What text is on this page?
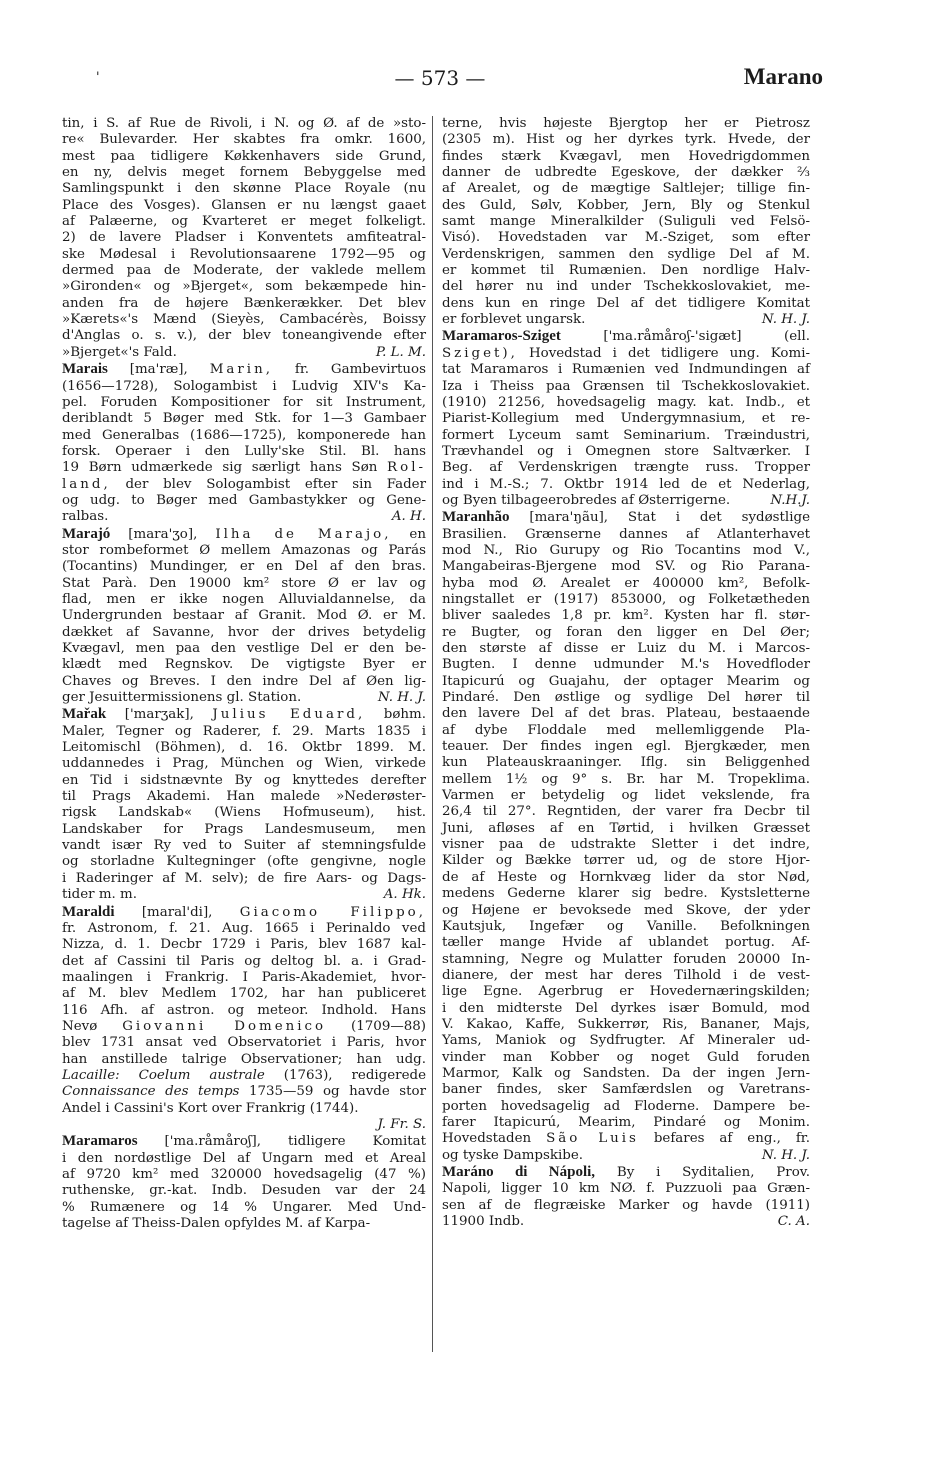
'	— 573 —	Marano
tin, i S. af Rue de Rivoli, i N. og Ø. af de »sto-
re« Bulevarder. Her skabtes fra omkr. 1600,
mest paa tidligere Køkkenhavers side Grund,
en ny, delvis meget fornem Bebyggelse med
Samlingspunkt i den skønne Place Royale (nu
Place des Vosges). Glansen er nu længst gaaet
af Palæerne, og Kvarteret er meget folkeligt.
2) de lavere Pladser i Konventets amfiteatral-
ske Mødesal i Revolutionsaarene 1792—95 og
dermed paa de Moderate, der vaklede mellem
»Gironden« og »Bjerget«, som bekæmpede hin-
anden fra de højere Bænkerækker. Det blev
»Kærets«'s Mænd (Sieyès, Cambacérès, Boissy
d'Anglas o. s. v.), der blev toneangivende efter
»Bjerget«'s Fald.	P. L. M.
Marais [ma'ræ], Marin, fr. Gambevirtuos
(1656—1728), Sologambist i Ludvig XIV's Ka-
pel. Foruden Kompositioner for sit Instrument,
deriblandt 5 Bøger med Stk. for 1—3 Gambaer
med Generalbas (1686—1725), komponerede han
forsk. Operaer i den Lully'ske Stil. Bl. hans
19 Børn udmærkede sig særligt hans Søn Rol-
land, der blev Sologambist efter sin Fader
og udg. to Bøger med Gambastykker og Gene-
ralbas.	A. H.
Marajó [mara'ʒo], Ilha de Marajo, en
stor rombeformet Ø mellem Amazonas og Parás
(Tocantins) Mundinger, er en Del af den bras.
Stat Parà. Den 19000 km² store Ø er lav og
flad, men er ikke nogen Alluvialdannelse, da
Undergrunden bestaar af Granit. Mod Ø. er M.
dækket af Savanne, hvor der drives betydelig
Kvægavl, men paa den vestlige Del er den be-
klædt med Regnskov. De vigtigste Byer er
Chaves og Breves. I den indre Del af Øen lig-
ger Jesuittermissionens gl. Station.	N. H. J.
Mařak ['marʒak], Julius Eduard, bøhm.
Maler, Tegner og Raderer, f. 29. Marts 1835 i
Leitomischl (Böhmen), d. 16. Oktbr 1899. M.
uddannedes i Prag, München og Wien, virkede
en Tid i sidstnævnte By og knyttedes derefter
til Prags Akademi. Han malede »Nederøster-
rigsk Landskab« (Wiens Hofmuseum), hist.
Landskaber for Prags Landesmuseum, men
vandt især Ry ved to Suiter af stemningsfulde
og storladne Kultegninger (ofte gengivne, nogle
i Raderinger af M. selv); de fire Aars- og Dags-
tider m. m.	A. Hk.
Maraldi [maral'di], Giacomo Filippo,
fr. Astronom, f. 21. Aug. 1665 i Perinaldo ved
Nizza, d. 1. Decbr 1729 i Paris, blev 1687 kal-
det af Cassini til Paris og deltog bl. a. i Grad-
maalingen i Frankrig. I Paris-Akademiet, hvor-
af M. blev Medlem 1702, har han publiceret
116 Afh. af astron. og meteor. Indhold. Hans
Nevø Giovanni Domenico (1709—88)
blev 1731 ansat ved Observatoriet i Paris, hvor
han anstillede talrige Observationer; han udg.
Lacaille: Coelum australe (1763), redigerede
Connaissance des temps 1735—59 og havde stor
Andel i Cassini's Kort over Frankrig (1744).
J. Fr. S.
Maramaros ['ma.råmåroʃ], tidligere Komitat
i den nordøstlige Del af Ungarn med et Areal
af 9720 km² med 320000 hovedsagelig (47 %)
ruthenske, gr.-kat. Indb. Desuden var der 24
% Rumænere og 14 % Ungarer. Med Und-
tagelse af Theiss-Dalen opfyldes M. af Karpa-
terne, hvis højeste Bjergtop her er Pietrosz
(2305 m). Hist og her dyrkes tyrk. Hvede, der
findes stærk Kvægavl, men Hovedrigdommen
danner de udbredte Egeskove, der dækker ⅔
af Arealet, og de mægtige Saltlejer; tillige fin-
des Guld, Sølv, Kobber, Jern, Bly og Stenkul
samt mange Mineralkilder (Suliguli ved Felsö-
Visó). Hovedstaden var M.-Sziget, som efter
Verdenskrigen, sammen den sydlige Del af M.
er kommet til Rumænien. Den nordlige Halv-
del hører nu ind under Tschekkoslovakiet, me-
dens kun en ringe Del af det tidligere Komitat
er forblevet ungarsk.	N. H. J.
Maramaros-Sziget ['ma.råmåroʃ-'sigæt] (ell.
Sziget), Hovedstad i det tidligere ung. Komi-
tat Maramaros i Rumænien ved Indmundingen af
Iza i Theiss paa Grænsen til Tschekkoslovakiet.
(1910) 21256, hovedsagelig magy. kat. Indb., et
Piarist-Kollegium med Undergymnasium, et re-
formert Lyceum samt Seminarium. Træindustri,
Trævhandel og i Omegnen store Saltværker. I
Beg. af Verdenskrigen trængte russ. Tropper
ind i M.-S.; 7. Oktbr 1914 led de et Nederlag,
og Byen tilbageerobredes af Østerrigerne.	N.H.J.
Maranhão [mara'ŋãu], Stat i det sydøstlige
Brasilien. Grænserne dannes af Atlanterhavet
mod N., Rio Gurupy og Rio Tocantins mod V.,
Mangabeiras-Bjergene mod SV. og Rio Parana-
hyba mod Ø. Arealet er 400000 km², Befolk-
ningstallet er (1917) 853000, og Folketætheden
bliver saaledes 1,8 pr. km². Kysten har fl. stør-
re Bugter, og foran den ligger en Del Øer;
den største af disse er Luiz du M. i Marcos-
Bugten. I denne udmunder M.'s Hovedfloder
Itapicurú og Guajahu, der optager Mearim og
Pindaré. Den østlige og sydlige Del hører til
den lavere Del af det bras. Plateau, bestaaende
af dybe Floddale med mellemliggende Pla-
teauer. Der findes ingen egl. Bjergkæder, men
kun Plateauskraaninger. Iflg. sin Beliggenhed
mellem 1½ og 9° s. Br. har M. Tropeklima.
Varmen er betydelig og lidet vekslende, fra
26,4 til 27°. Regntiden, der varer fra Decbr til
Juni, afløses af en Tørtid, i hvilken Græsset
visner paa de udstrakte Sletter i det indre,
Kilder og Bække tørrer ud, og de store Hjor-
de af Heste og Hornkvæg lider da stor Nød,
medens Gederne klarer sig bedre. Kystsletterne
og Højene er bevoksede med Skove, der yder
Kautsjuk, Ingefær og Vanille. Befolkningen
tæller mange Hvide af ublandet portug. Af-
stamning, Negre og Mulatter foruden 20000 In-
dianere, der mest har deres Tilhold i de vest-
lige Egne. Agerbrug er Hovedernæringskilden;
i den midterste Del dyrkes især Bomuld, mod
V. Kakao, Kaffe, Sukkerrør, Ris, Bananer, Majs,
Yams, Maniok og Sydfrugter. Af Mineraler ud-
vinder man Kobber og noget Guld foruden
Marmor, Kalk og Sandsten. Da der ingen Jern-
baner findes, sker Samfærdslen og Varetrans-
porten hovedsagelig ad Floderne. Dampere be-
farer Itapicurú, Mearim, Pindaré og Monim.
Hovedstaden São Luis befares af eng., fr.
og tyske Dampskibe.	N. H. J.
Maráno di Nápoli, By i Syditalien, Prov.
Napoli, ligger 10 km NØ. f. Puzzuoli paa Græn-
sen af de flegræiske Marker og havde (1911)
11900 Indb.	C. A.
